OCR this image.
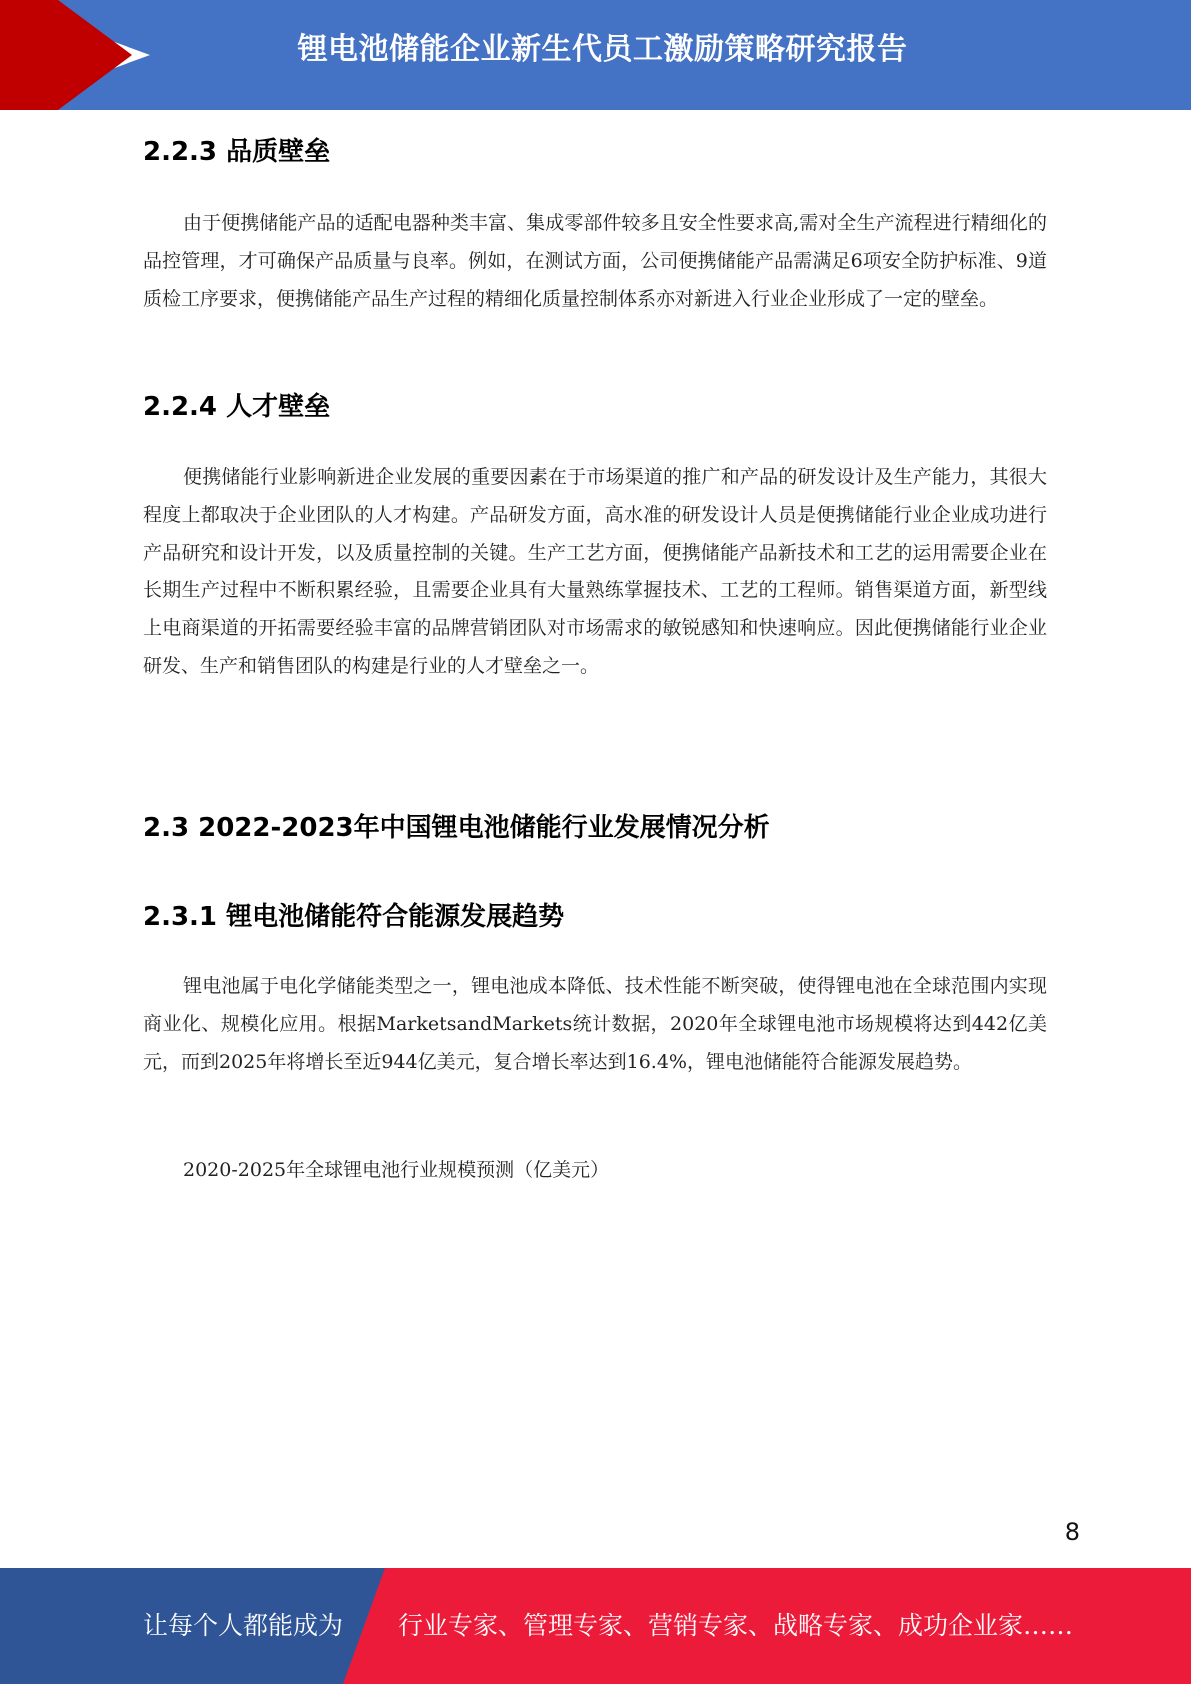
锂电池储能企业新生代员工激励策略研究报告
2.2.3 品质壁垒

由于便携储能产品的适配电器种类丰富、集成零部件较多且安全性要求高,需对全生产流程进行精细化的品控管理，才可确保产品质量与良率。例如，在测试方面，公司便携储能产品需满足6项安全防护标准、9道质检工序要求，便携储能产品生产过程的精细化质量控制体系亦对新进入行业企业形成了一定的壁垒。

2.2.4 人才壁垒

便携储能行业影响新进企业发展的重要因素在于市场渠道的推广和产品的研发设计及生产能力，其很大程度上都取决于企业团队的人才构建。产品研发方面，高水准的研发设计人员是便携储能行业企业成功进行产品研究和设计开发，以及质量控制的关键。生产工艺方面，便携储能产品新技术和工艺的运用需要企业在长期生产过程中不断积累经验，且需要企业具有大量熟练掌握技术、工艺的工程师。销售渠道方面，新型线上电商渠道的开拓需要经验丰富的品牌营销团队对市场需求的敏锐感知和快速响应。因此便携储能行业企业研发、生产和销售团队的构建是行业的人才壁垒之一。

2.3 2022-2023年中国锂电池储能行业发展情况分析
2.3.1 锂电池储能符合能源发展趋势

锂电池属于电化学储能类型之一，锂电池成本降低、技术性能不断突破，使得锂电池在全球范围内实现商业化、规模化应用。根据MarketsandMarkets统计数据，2020年全球锂电池市场规模将达到442亿美元，而到2025年将增长至近944亿美元，复合增长率达到16.4%，锂电池储能符合能源发展趋势。

2020-2025年全球锂电池行业规模预测（亿美元）

8
让每个人都能成为 行业专家、管理专家、营销专家、战略专家、成功企业家……
